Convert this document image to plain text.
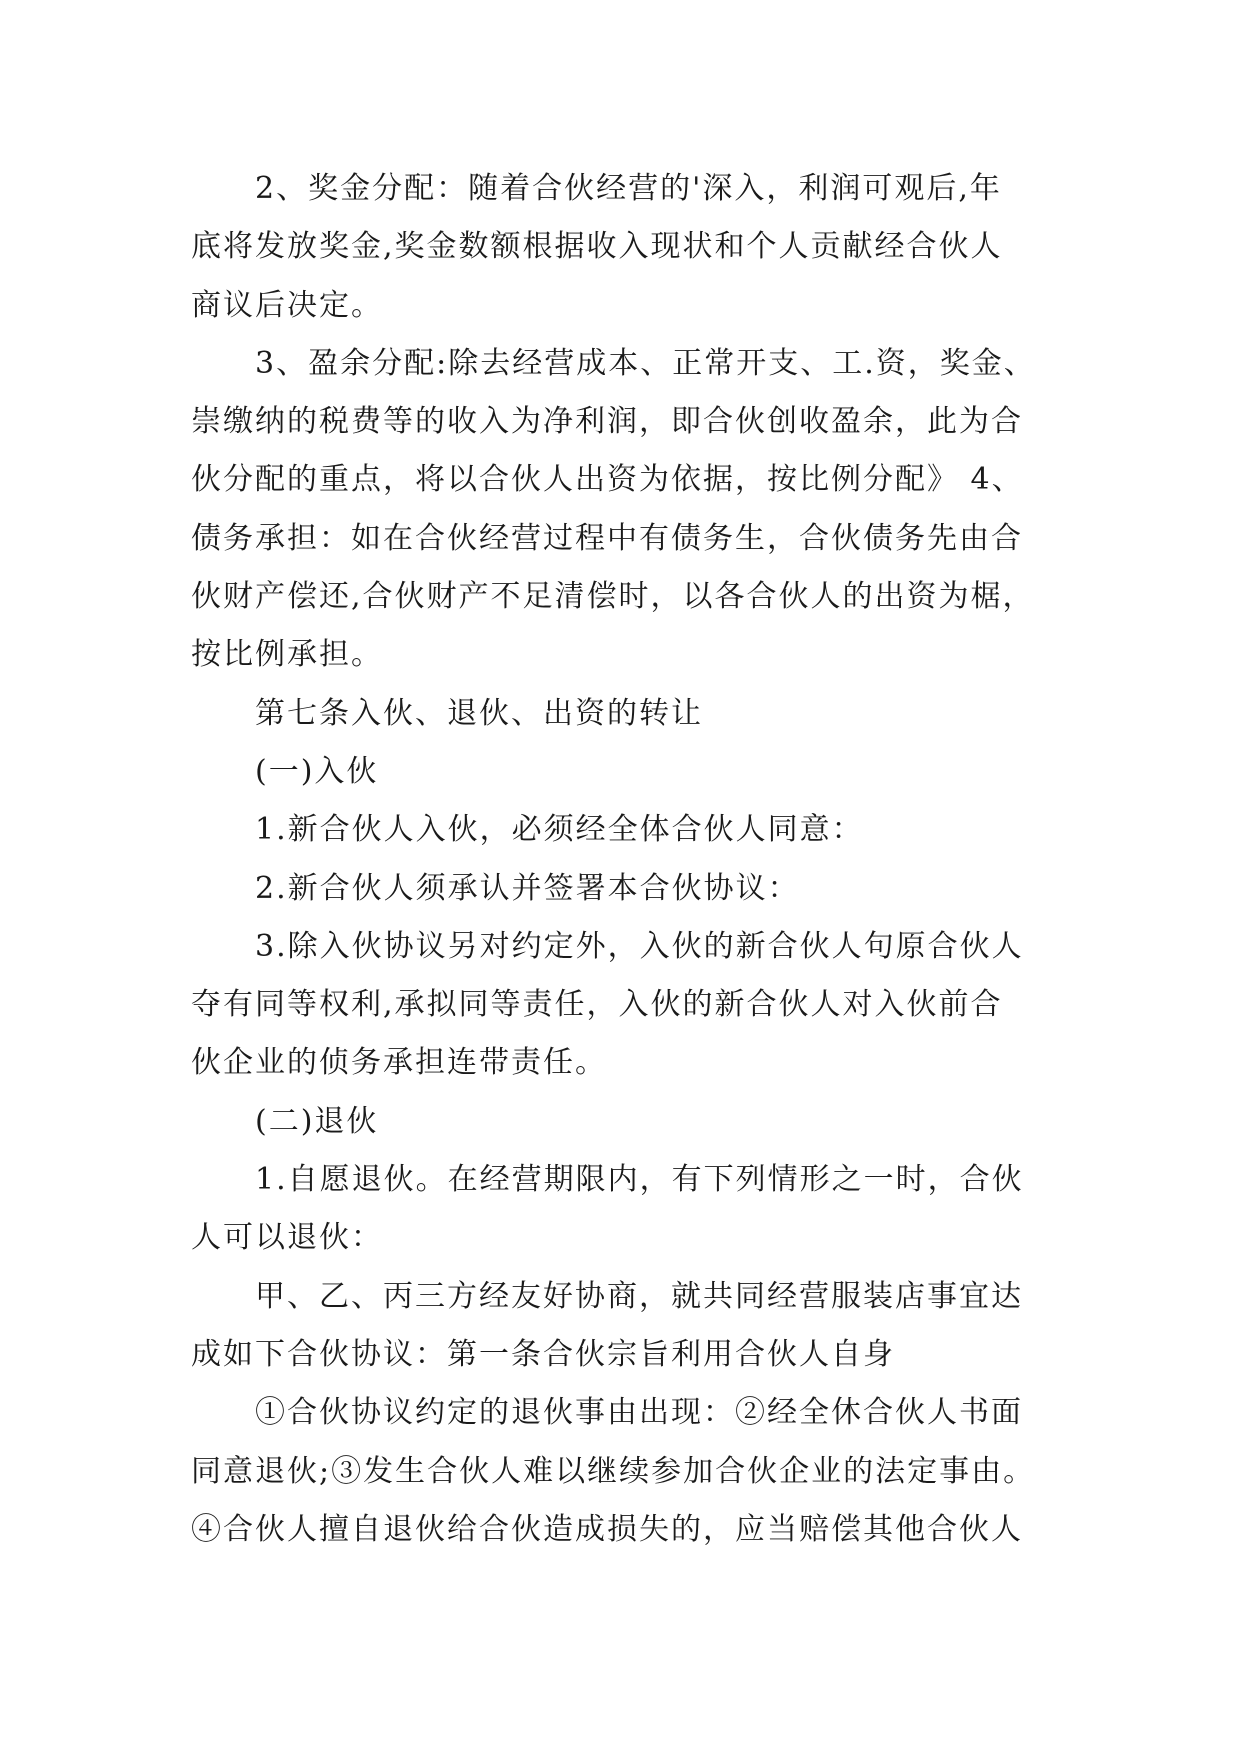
2、奖金分配：随着合伙经营的'深入，利润可观后,年
底将发放奖金,奖金数额根据收入现状和个人贡献经合伙人
商议后决定。
3、盈余分配:除去经营成本、正常开支、工.资，奖金、
崇缴纳的税费等的收入为净利润，即合伙创收盈余，此为合
伙分配的重点，将以合伙人出资为依据，按比例分配》 4、
债务承担：如在合伙经营过程中有债务生，合伙债务先由合
伙财产偿还,合伙财产不足清偿时，以各合伙人的出资为椐，
按比例承担。
第七条入伙、退伙、出资的转让
(一)入伙
1.新合伙人入伙，必须经全体合伙人同意：
2.新合伙人须承认并签署本合伙协议：
3.除入伙协议另对约定外，入伙的新合伙人句原合伙人
夺有同等权利,承拟同等责任，入伙的新合伙人对入伙前合
伙企业的侦务承担连带责任。
(二)退伙
1.自愿退伙。在经营期限内，有下列情形之一时，合伙
人可以退伙：
甲、乙、丙三方经友好协商，就共同经营服装店事宜达
成如下合伙协议：第一条合伙宗旨利用合伙人自身
①合伙协议约定的退伙事由出现：②经全休合伙人书面
同意退伙;③发生合伙人难以继续参加合伙企业的法定事由。
④合伙人擅自退伙给合伙造成损失的，应当赔偿其他合伙人
